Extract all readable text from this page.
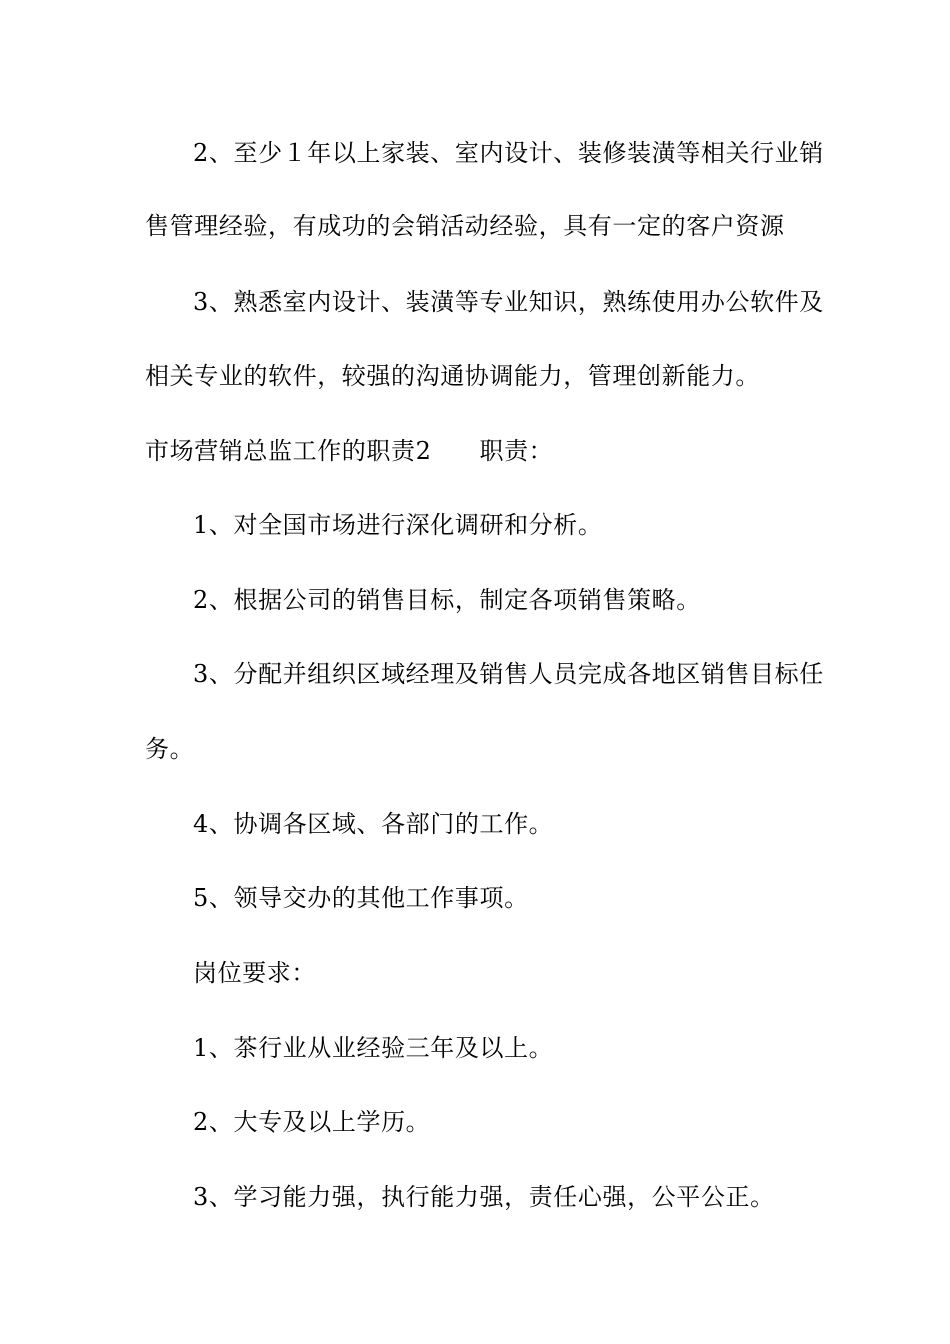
2、至少１年以上家装、室内设计、装修装潢等相关行业销
售管理经验，有成功的会销活动经验，具有一定的客户资源
3、熟悉室内设计、装潢等专业知识，熟练使用办公软件及
相关专业的软件，较强的沟通协调能力，管理创新能力。
市场营销总监工作的职责2 职责：
1、对全国市场进行深化调研和分析。
2、根据公司的销售目标，制定各项销售策略。
3、分配并组织区域经理及销售人员完成各地区销售目标任
务。
4、协调各区域、各部门的工作。
5、领导交办的其他工作事项。
岗位要求：
1、茶行业从业经验三年及以上。
2、大专及以上学历。
3、学习能力强，执行能力强，责任心强，公平公正。
